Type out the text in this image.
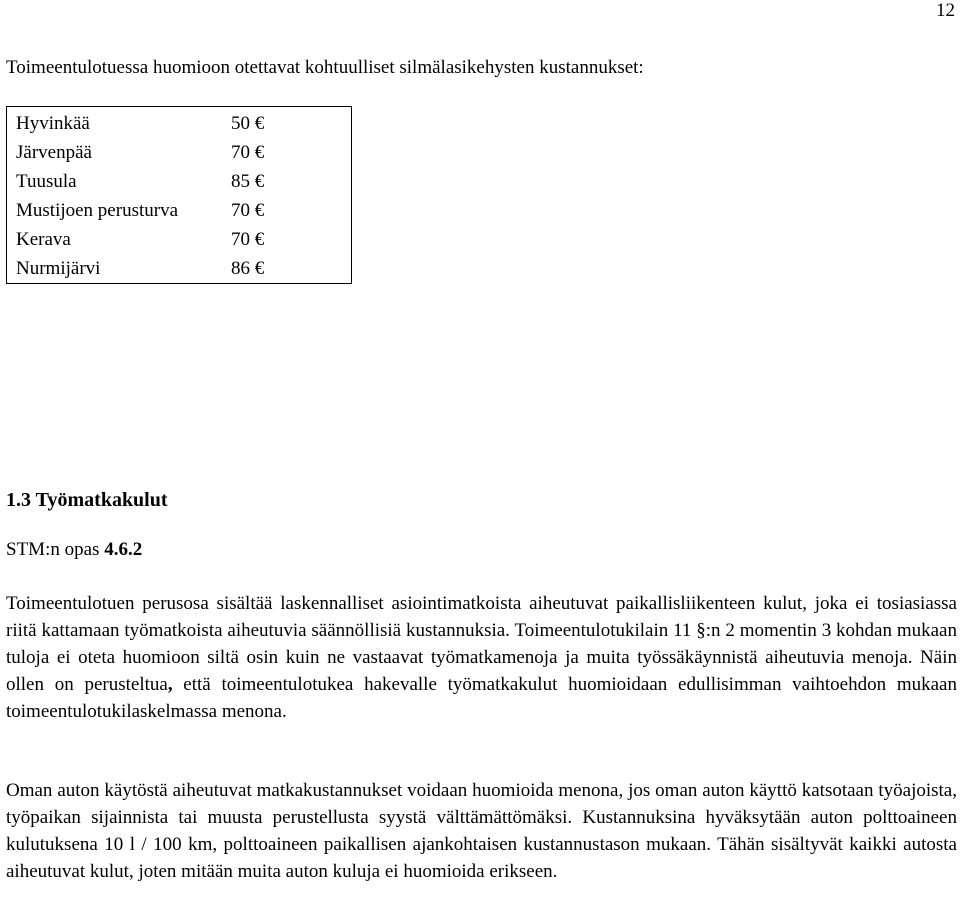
12

Toimeentulotuessa huomioon otettavat kohtuulliset silmälasikehysten kustannukset:

Hyvinkää	50 €
Järvenpää	70 €
Tuusula	85 €
Mustijoen perusturva	70 €
Kerava	70 €
Nurmijärvi	86 €

1.3 Työmatkakulut

STM:n opas 4.6.2

Toimeentulotuen perusosa sisältää laskennalliset asiointimatkoista aiheutuvat paikallisliikenteen kulut, joka ei tosiasiassa riitä kattamaan työmatkoista aiheutuvia säännöllisiä kustannuksia. Toimeentulotukilain 11 §:n 2 momentin 3 kohdan mukaan tuloja ei oteta huomioon siltä osin kuin ne vastaavat työmatkamenoja ja muita työssäkäynnistä aiheutuvia menoja. Näin ollen on perusteltua, että toimeentulotukea hakevalle työmatkakulut huomioidaan edullisimman vaihtoehdon mukaan toimeentulotukilaskelmassa menona.

Oman auton käytöstä aiheutuvat matkakustannukset voidaan huomioida menona, jos oman auton käyttö katsotaan työajoista, työpaikan sijainnista tai muusta perustellusta syystä välttämättömäksi. Kustannuksina hyväksytään auton polttoaineen kulutuksena 10 l / 100 km, polttoaineen paikallisen ajankohtaisen kustannustason mukaan. Tähän sisältyvät kaikki autosta aiheutuvat kulut, joten mitään muita auton kuluja ei huomioida erikseen.
